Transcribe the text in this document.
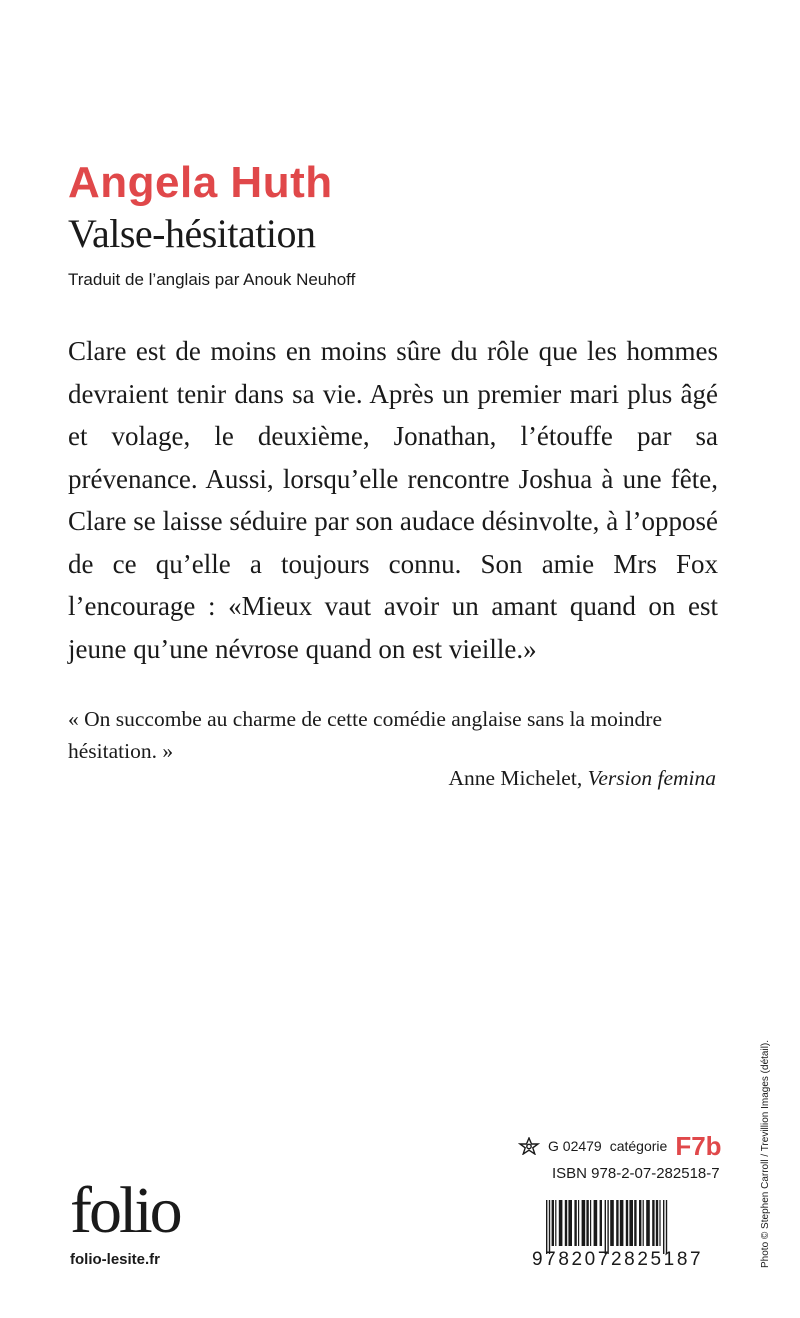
Angela Huth
Valse-hésitation
Traduit de l’anglais par Anouk Neuhoff

Clare est de moins en moins sûre du rôle que les hommes devraient tenir dans sa vie. Après un premier mari plus âgé et volage, le deuxième, Jonathan, l’étouffe par sa prévenance. Aussi, lorsqu’elle rencontre Joshua à une fête, Clare se laisse séduire par son audace désinvolte, à l’opposé de ce qu’elle a toujours connu. Son amie Mrs Fox l’encourage : «Mieux vaut avoir un amant quand on est jeune qu’une névrose quand on est vieille.»

« On succombe au charme de cette comédie anglaise sans la moindre hésitation. »
Anne Michelet, Version femina
Photo © Stephen Carroll / Trevillion Images (détail).
G 02479 catégorie F7b
ISBN 978-2-07-282518-7
9782072825187
folio
folio-lesite.fr
